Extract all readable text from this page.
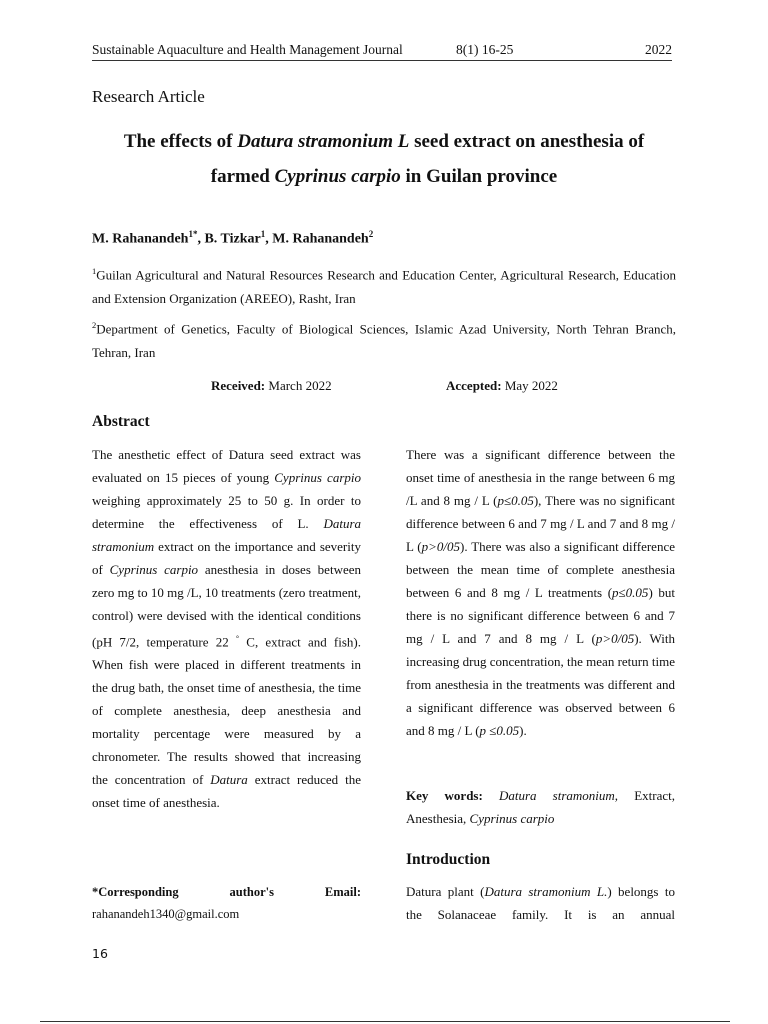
Sustainable Aquaculture and Health Management Journal	8(1) 16-25	2022
Research Article
The effects of Datura stramonium L seed extract on anesthesia of
farmed Cyprinus carpio in Guilan province
M. Rahanandeh$^{1*}$, B. Tizkar$^1$, M. Rahanandeh$^2$
$^1$Guilan Agricultural and Natural Resources Research and Education Center, Agricultural Research, Education and Extension Organization (AREEO), Rasht, Iran
$^2$Department of Genetics, Faculty of Biological Sciences, Islamic Azad University, North Tehran Branch, Tehran, Iran
Received: March 2022	Accepted: May 2022
Abstract
The anesthetic effect of Datura seed extract was evaluated on 15 pieces of young Cyprinus carpio weighing approximately 25 to 50 g. In order to determine the effectiveness of L. Datura stramonium extract on the importance and severity of Cyprinus carpio anesthesia in doses between zero mg to 10 mg /L, 10 treatments (zero treatment, control) were devised with the identical conditions (pH 7/2, temperature 22 ° C, extract and fish). When fish were placed in different treatments in the drug bath, the onset time of anesthesia, the time of complete anesthesia, deep anesthesia and mortality percentage were measured by a chronometer. The results showed that increasing the concentration of Datura extract reduced the onset time of anesthesia.
There was a significant difference between the onset time of anesthesia in the range between 6 mg /L and 8 mg / L (p≤0.05), There was no significant difference between 6 and 7 mg / L and 7 and 8 mg / L (p>0/05). There was also a significant difference between the mean time of complete anesthesia between 6 and 8 mg / L treatments (p≤0.05) but there is no significant difference between 6 and 7 mg / L and 7 and 8 mg / L (p>0/05). With increasing drug concentration, the mean return time from anesthesia in the treatments was different and a significant difference was observed between 6 and 8 mg / L (p ≤0.05).
Key words: Datura stramonium, Extract, Anesthesia, Cyprinus carpio
Introduction
Datura plant (Datura stramonium L.) belongs to the Solanaceae family. It is an annual
*Corresponding	author's	Email:
rahanandeh1340@gmail.com
16
